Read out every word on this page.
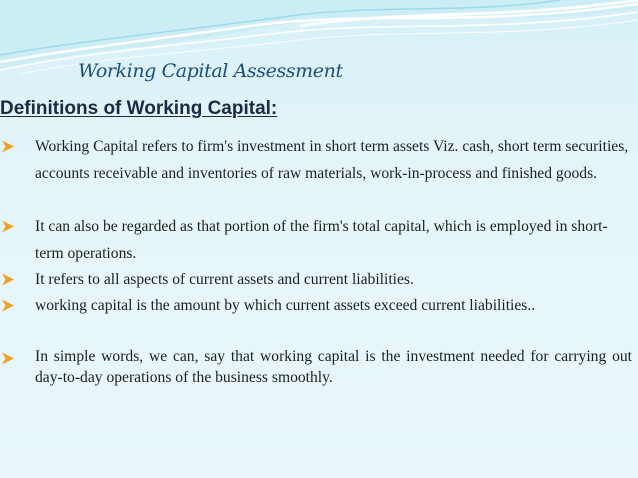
Working Capital Assessment
Definitions of Working Capital:
Working Capital refers to firm's investment in short term assets Viz. cash, short term securities, accounts receivable and inventories of raw materials, work-in-process and finished goods.
It can also be regarded as that portion of the firm's total capital, which is employed in short-term operations.
It refers to all aspects of current assets and current liabilities.
working capital is the amount by which current assets exceed current liabilities..
In simple words, we can, say that working capital is the investment needed for carrying out day-to-day operations of the business smoothly.
